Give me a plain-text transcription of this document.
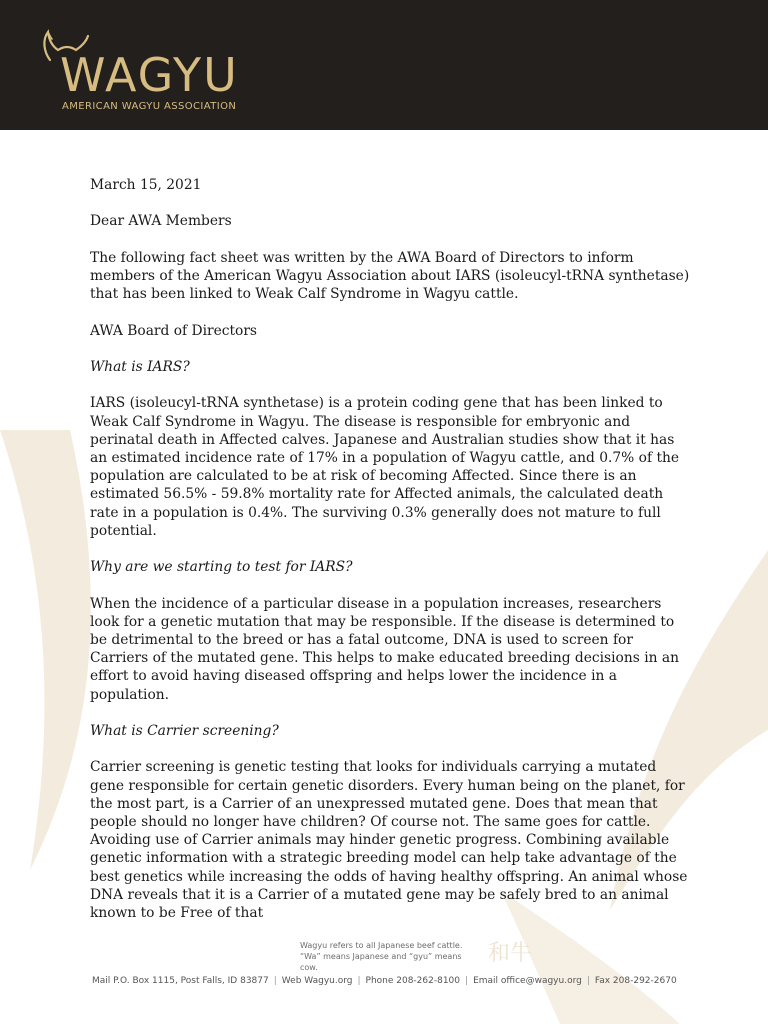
WAGYU
AMERICAN WAGYU ASSOCIATION

March 15, 2021

Dear AWA Members

The following fact sheet was written by the AWA Board of Directors to inform members of the American Wagyu Association about IARS (isoleucyl-tRNA synthetase) that has been linked to Weak Calf Syndrome in Wagyu cattle.

AWA Board of Directors

What is IARS?

IARS (isoleucyl-tRNA synthetase) is a protein coding gene that has been linked to Weak Calf Syndrome in Wagyu. The disease is responsible for embryonic and perinatal death in Affected calves. Japanese and Australian studies show that it has an estimated incidence rate of 17% in a population of Wagyu cattle, and 0.7% of the population are calculated to be at risk of becoming Affected. Since there is an estimated 56.5% - 59.8% mortality rate for Affected animals, the calculated death rate in a population is 0.4%. The surviving 0.3% generally does not mature to full potential.

Why are we starting to test for IARS?

When the incidence of a particular disease in a population increases, researchers look for a genetic mutation that may be responsible. If the disease is determined to be detrimental to the breed or has a fatal outcome, DNA is used to screen for Carriers of the mutated gene. This helps to make educated breeding decisions in an effort to avoid having diseased offspring and helps lower the incidence in a population.

What is Carrier screening?

Carrier screening is genetic testing that looks for individuals carrying a mutated gene responsible for certain genetic disorders. Every human being on the planet, for the most part, is a Carrier of an unexpressed mutated gene. Does that mean that people should no longer have children? Of course not. The same goes for cattle. Avoiding use of Carrier animals may hinder genetic progress. Combining available genetic information with a strategic breeding model can help take advantage of the best genetics while increasing the odds of having healthy offspring. An animal whose DNA reveals that it is a Carrier of a mutated gene may be safely bred to an animal known to be Free of that

Wagyu refers to all Japanese beef cattle.
“Wa” means Japanese and “gyu” means cow.
和牛
Mail P.O. Box 1115, Post Falls, ID 83877 | Web Wagyu.org | Phone 208-262-8100 | Email office@wagyu.org | Fax 208-292-2670
